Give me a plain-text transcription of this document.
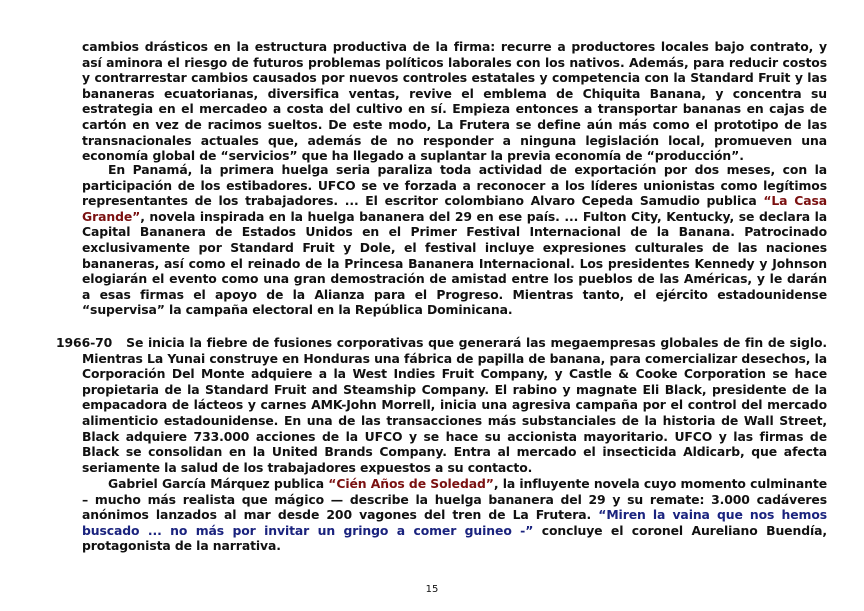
cambios drásticos en la estructura productiva de la firma: recurre a productores locales bajo contrato, y así aminora el riesgo de futuros problemas políticos laborales con los nativos. Además, para reducir costos y contrarrestar cambios causados por nuevos controles estatales y competencia con la Standard Fruit y las bananeras ecuatorianas, diversifica ventas, revive el emblema de Chiquita Banana, y concentra su estrategia en el mercadeo a costa del cultivo en sí. Empieza entonces a transportar bananas en cajas de cartón en vez de racimos sueltos. De este modo, La Frutera se define aún más como el prototipo de las transnacionales actuales que, además de no responder a ninguna legislación local, promueven una economía global de “servicios” que ha llegado a suplantar la previa economía de “producción”.

En Panamá, la primera huelga seria paraliza toda actividad de exportación por dos meses, con la participación de los estibadores. UFCO se ve forzada a reconocer a los líderes unionistas como legítimos representantes de los trabajadores. ... El escritor colombiano Alvaro Cepeda Samudio publica “La Casa Grande”, novela inspirada en la huelga bananera del 29 en ese país. ... Fulton City, Kentucky, se declara la Capital Bananera de Estados Unidos en el Primer Festival Internacional de la Banana. Patrocinado exclusivamente por Standard Fruit y Dole, el festival incluye expresiones culturales de las naciones bananeras, así como el reinado de la Princesa Bananera Internacional. Los presidentes Kennedy y Johnson elogiarán el evento como una gran demostración de amistad entre los pueblos de las Américas, y le darán a esas firmas el apoyo de la Alianza para el Progreso. Mientras tanto, el ejército estadounidense “supervisa” la campaña electoral en la República Dominicana.

1966-70 Se inicia la fiebre de fusiones corporativas que generará las megaempresas globales de fin de siglo. Mientras La Yunai construye en Honduras una fábrica de papilla de banana, para comercializar desechos, la Corporación Del Monte adquiere a la West Indies Fruit Company, y Castle & Cooke Corporation se hace propietaria de la Standard Fruit and Steamship Company. El rabino y magnate Eli Black, presidente de la empacadora de lácteos y carnes AMK-John Morrell, inicia una agresiva campaña por el control del mercado alimenticio estadounidense. En una de las transacciones más substanciales de la historia de Wall Street, Black adquiere 733.000 acciones de la UFCO y se hace su accionista mayoritario. UFCO y las firmas de Black se consolidan en la United Brands Company. Entra al mercado el insecticida Aldicarb, que afecta seriamente la salud de los trabajadores expuestos a su contacto.

Gabriel García Márquez publica “Cién Años de Soledad”, la influyente novela cuyo momento culminante – mucho más realista que mágico — describe la huelga bananera del 29 y su remate: 3.000 cadáveres anónimos lanzados al mar desde 200 vagones del tren de La Frutera. “Miren la vaina que nos hemos buscado ... no más por invitar un gringo a comer guineo -” concluye el coronel Aureliano Buendía, protagonista de la narrativa.

15
